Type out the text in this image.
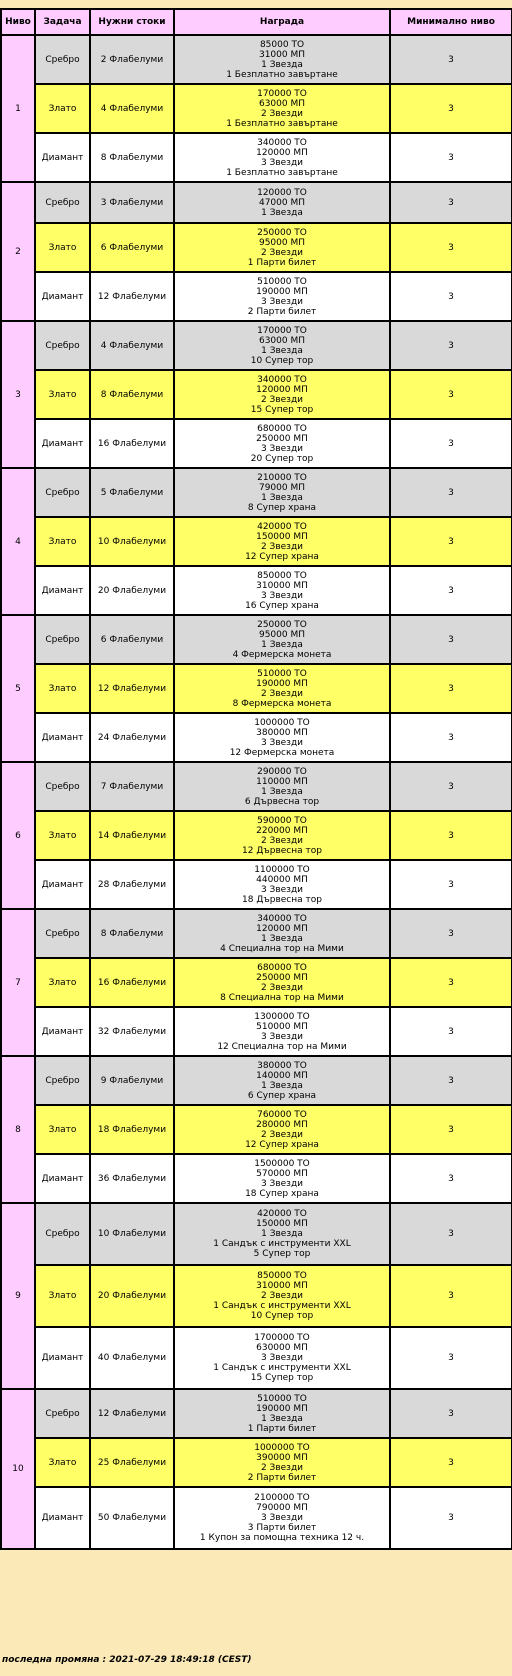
Ниво	Задача	Нужни стоки	Награда	Минимално ниво
1	Сребро	2 Флабелуми	85000 ТО
31000 МП
1 Звезда
1 Безплатно завъртане	3
	Злато	4 Флабелуми	170000 ТО
63000 МП
2 Звезди
1 Безплатно завъртане	3
	Диамант	8 Флабелуми	340000 ТО
120000 МП
3 Звезди
1 Безплатно завъртане	3
2	Сребро	3 Флабелуми	120000 ТО
47000 МП
1 Звезда	3
	Злато	6 Флабелуми	250000 ТО
95000 МП
2 Звезди
1 Парти билет	3
	Диамант	12 Флабелуми	510000 ТО
190000 МП
3 Звезди
2 Парти билет	3
3	Сребро	4 Флабелуми	170000 ТО
63000 МП
1 Звезда
10 Супер тор	3
	Злато	8 Флабелуми	340000 ТО
120000 МП
2 Звезди
15 Супер тор	3
	Диамант	16 Флабелуми	680000 ТО
250000 МП
3 Звезди
20 Супер тор	3
4	Сребро	5 Флабелуми	210000 ТО
79000 МП
1 Звезда
8 Супер храна	3
	Злато	10 Флабелуми	420000 ТО
150000 МП
2 Звезди
12 Супер храна	3
	Диамант	20 Флабелуми	850000 ТО
310000 МП
3 Звезди
16 Супер храна	3
5	Сребро	6 Флабелуми	250000 ТО
95000 МП
1 Звезда
4 Фермерска монета	3
	Злато	12 Флабелуми	510000 ТО
190000 МП
2 Звезди
8 Фермерска монета	3
	Диамант	24 Флабелуми	1000000 ТО
380000 МП
3 Звезди
12 Фермерска монета	3
6	Сребро	7 Флабелуми	290000 ТО
110000 МП
1 Звезда
6 Дървесна тор	3
	Злато	14 Флабелуми	590000 ТО
220000 МП
2 Звезди
12 Дървесна тор	3
	Диамант	28 Флабелуми	1100000 ТО
440000 МП
3 Звезди
18 Дървесна тор	3
7	Сребро	8 Флабелуми	340000 ТО
120000 МП
1 Звезда
4 Специална тор на Мими	3
	Злато	16 Флабелуми	680000 ТО
250000 МП
2 Звезди
8 Специална тор на Мими	3
	Диамант	32 Флабелуми	1300000 ТО
510000 МП
3 Звезди
12 Специална тор на Мими	3
8	Сребро	9 Флабелуми	380000 ТО
140000 МП
1 Звезда
6 Супер храна	3
	Злато	18 Флабелуми	760000 ТО
280000 МП
2 Звезди
12 Супер храна	3
	Диамант	36 Флабелуми	1500000 ТО
570000 МП
3 Звезди
18 Супер храна	3
9	Сребро	10 Флабелуми	420000 ТО
150000 МП
1 Звезда
1 Сандък с инструменти XXL
5 Супер тор	3
	Злато	20 Флабелуми	850000 ТО
310000 МП
2 Звезди
1 Сандък с инструменти XXL
10 Супер тор	3
	Диамант	40 Флабелуми	1700000 ТО
630000 МП
3 Звезди
1 Сандък с инструменти XXL
15 Супер тор	3
10	Сребро	12 Флабелуми	510000 ТО
190000 МП
1 Звезда
1 Парти билет	3
	Злато	25 Флабелуми	1000000 ТО
390000 МП
2 Звезди
2 Парти билет	3
	Диамант	50 Флабелуми	2100000 ТО
790000 МП
3 Звезди
3 Парти билет
1 Купон за помощна техника 12 ч.	3
последна промяна : 2021-07-29 18:49:18 (CEST)
